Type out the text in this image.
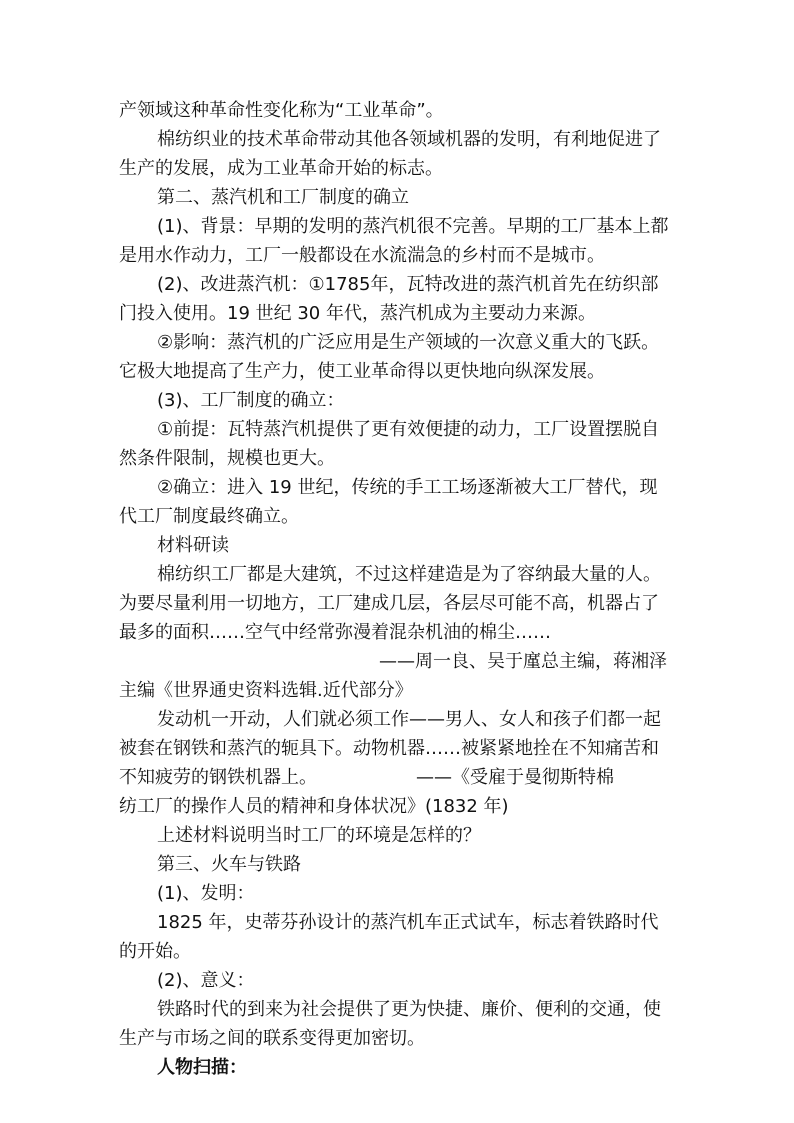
产领域这种革命性变化称为“工业革命”。
棉纺织业的技术革命带动其他各领域机器的发明，有利地促进了
生产的发展，成为工业革命开始的标志。
第二、蒸汽机和工厂制度的确立
(1)、背景：早期的发明的蒸汽机很不完善。早期的工厂基本上都
是用水作动力，工厂一般都设在水流湍急的乡村而不是城市。
(2)、改进蒸汽机：①1785年，瓦特改进的蒸汽机首先在纺织部
门投入使用。19 世纪 30 年代，蒸汽机成为主要动力来源。
②影响：蒸汽机的广泛应用是生产领域的一次意义重大的飞跃。
它极大地提高了生产力，使工业革命得以更快地向纵深发展。
(3)、工厂制度的确立：
①前提：瓦特蒸汽机提供了更有效便捷的动力，工厂设置摆脱自
然条件限制，规模也更大。
②确立：进入 19 世纪，传统的手工工场逐渐被大工厂替代，现
代工厂制度最终确立。
材料研读
棉纺织工厂都是大建筑，不过这样建造是为了容纳最大量的人。
为要尽量利用一切地方，工厂建成几层，各层尽可能不高，机器占了
最多的面积……空气中经常弥漫着混杂机油的棉尘……
——周一良、吴于廑总主编，蒋湘泽
主编《世界通史资料选辑.近代部分》
发动机一开动，人们就必须工作——男人、女人和孩子们都一起
被套在钢铁和蒸汽的轭具下。动物机器……被紧紧地拴在不知痛苦和
不知疲劳的钢铁机器上。　　　　　　——《受雇于曼彻斯特棉
纺工厂的操作人员的精神和身体状况》(1832 年)
上述材料说明当时工厂的环境是怎样的？
第三、火车与铁路
(1)、发明：
1825 年，史蒂芬孙设计的蒸汽机车正式试车，标志着铁路时代
的开始。
(2)、意义：
铁路时代的到来为社会提供了更为快捷、廉价、便利的交通，使
生产与市场之间的联系变得更加密切。
人物扫描：
